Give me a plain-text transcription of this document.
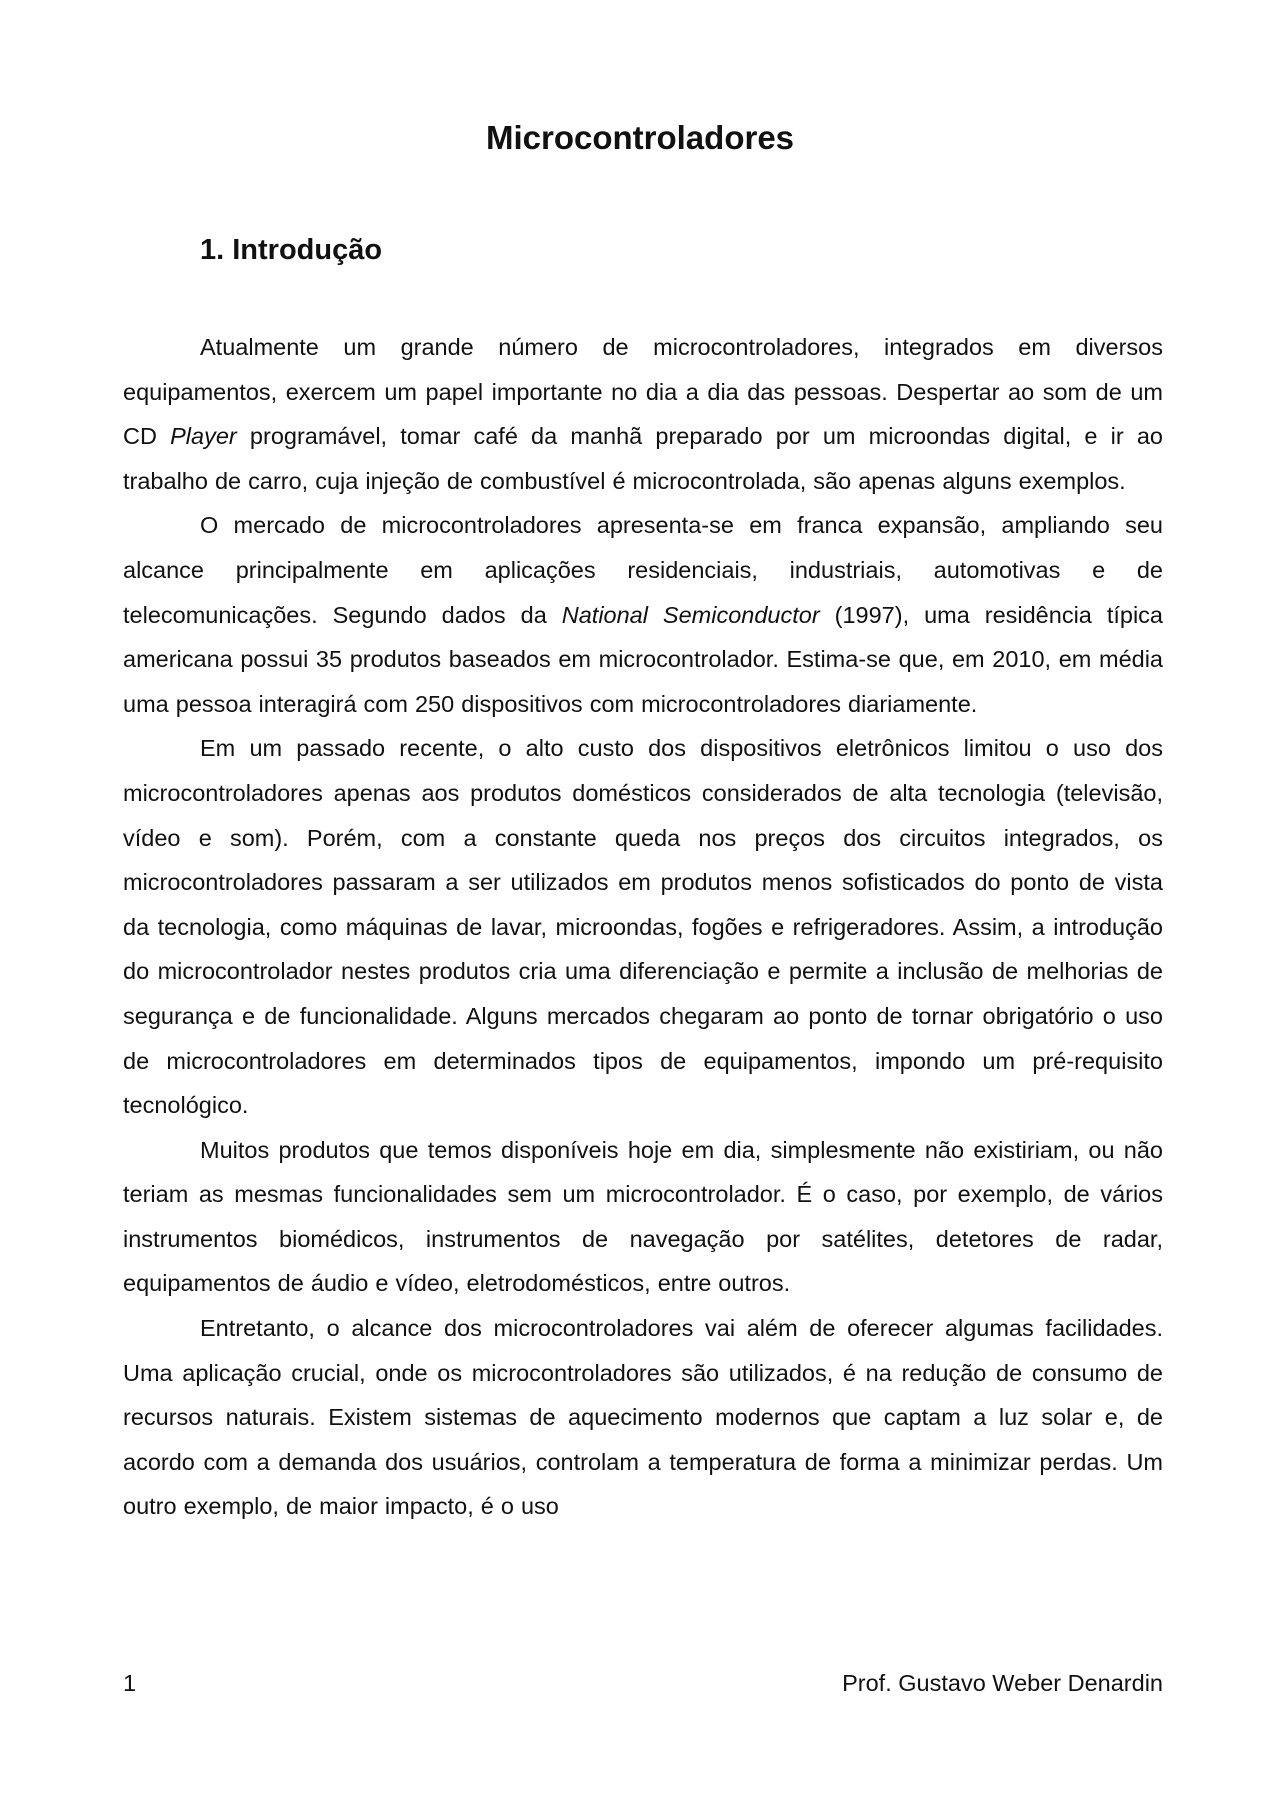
Microcontroladores
1. Introdução

Atualmente um grande número de microcontroladores, integrados em diversos equipamentos, exercem um papel importante no dia a dia das pessoas. Despertar ao som de um CD Player programável, tomar café da manhã preparado por um microondas digital, e ir ao trabalho de carro, cuja injeção de combustível é microcontrolada, são apenas alguns exemplos.

O mercado de microcontroladores apresenta-se em franca expansão, ampliando seu alcance principalmente em aplicações residenciais, industriais, automotivas e de telecomunicações. Segundo dados da National Semiconductor (1997), uma residência típica americana possui 35 produtos baseados em microcontrolador. Estima-se que, em 2010, em média uma pessoa interagirá com 250 dispositivos com microcontroladores diariamente.

Em um passado recente, o alto custo dos dispositivos eletrônicos limitou o uso dos microcontroladores apenas aos produtos domésticos considerados de alta tecnologia (televisão, vídeo e som). Porém, com a constante queda nos preços dos circuitos integrados, os microcontroladores passaram a ser utilizados em produtos menos sofisticados do ponto de vista da tecnologia, como máquinas de lavar, microondas, fogões e refrigeradores. Assim, a introdução do microcontrolador nestes produtos cria uma diferenciação e permite a inclusão de melhorias de segurança e de funcionalidade. Alguns mercados chegaram ao ponto de tornar obrigatório o uso de microcontroladores em determinados tipos de equipamentos, impondo um pré-requisito tecnológico.

Muitos produtos que temos disponíveis hoje em dia, simplesmente não existiriam, ou não teriam as mesmas funcionalidades sem um microcontrolador. É o caso, por exemplo, de vários instrumentos biomédicos, instrumentos de navegação por satélites, detetores de radar, equipamentos de áudio e vídeo, eletrodomésticos, entre outros.

Entretanto, o alcance dos microcontroladores vai além de oferecer algumas facilidades. Uma aplicação crucial, onde os microcontroladores são utilizados, é na redução de consumo de recursos naturais. Existem sistemas de aquecimento modernos que captam a luz solar e, de acordo com a demanda dos usuários, controlam a temperatura de forma a minimizar perdas. Um outro exemplo, de maior impacto, é o uso

1	Prof. Gustavo Weber Denardin
